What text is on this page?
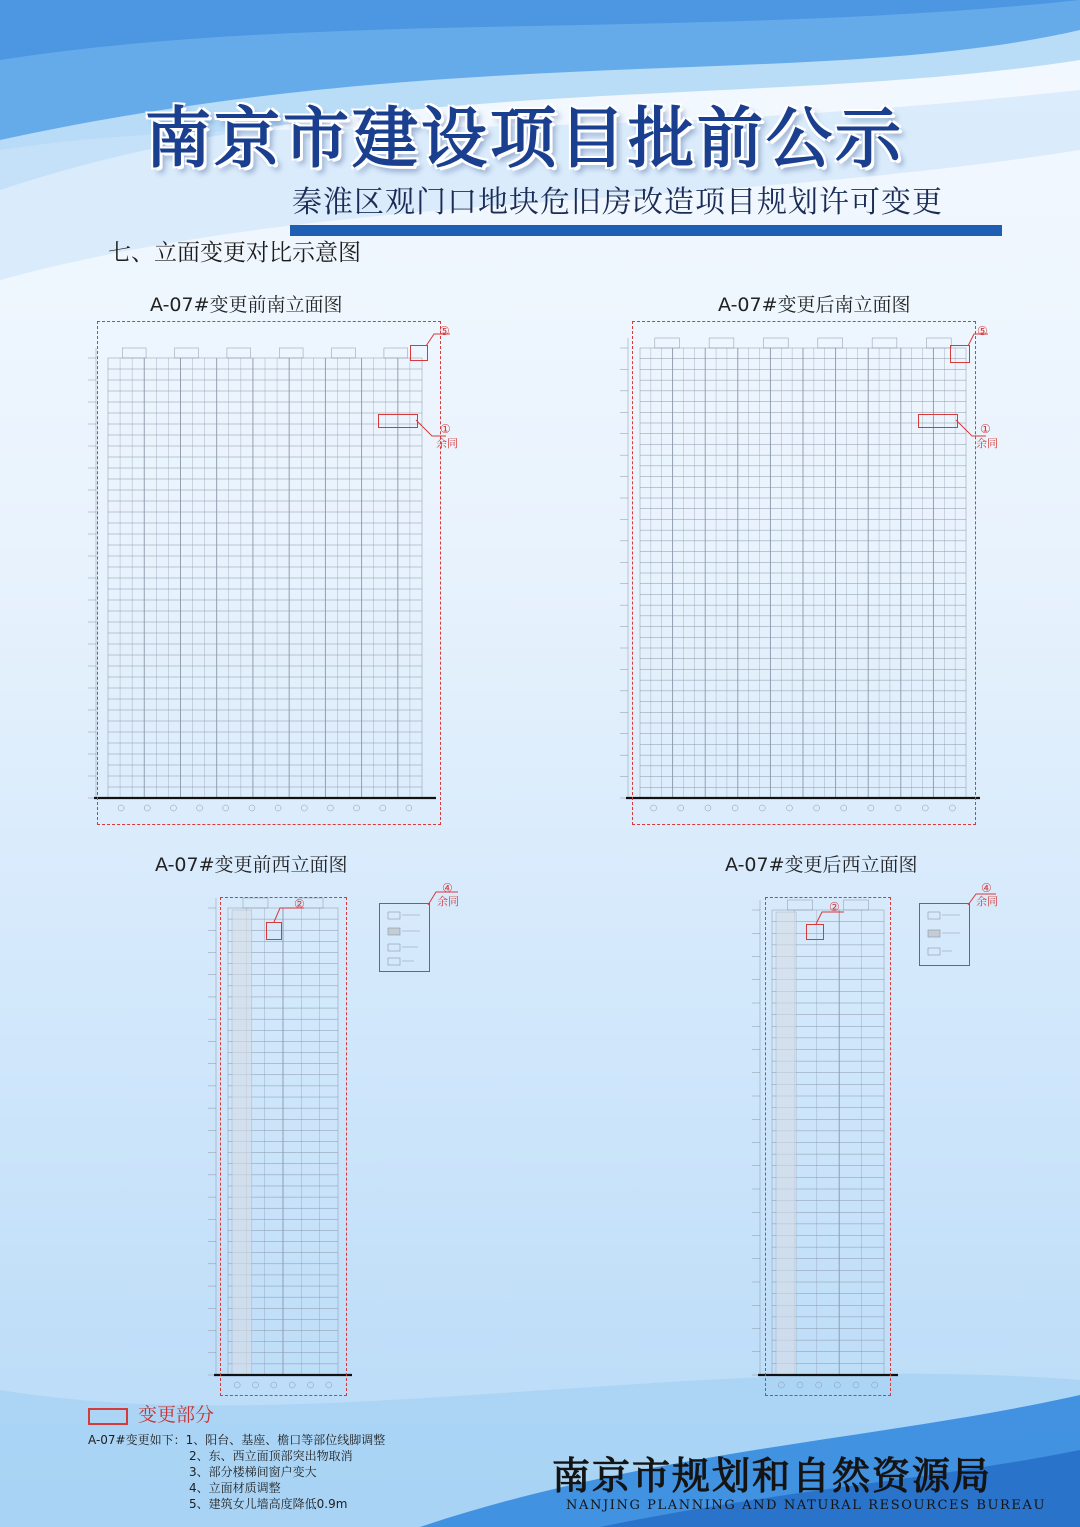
南京市建设项目批前公示
秦淮区观门口地块危旧房改造项目规划许可变更
七、立面变更对比示意图
A-07#变更前南立面图
⑤
①
余同
A-07#变更后南立面图
⑤
①
余同
A-07#变更前西立面图
②
④
余同
A-07#变更后西立面图
②
④
余同
变更部分
A-07#变更如下：1、阳台、基座、檐口等部位线脚调整
2、东、西立面顶部突出物取消
3、部分楼梯间窗户变大
4、立面材质调整
5、建筑女儿墙高度降低0.9m
南京市规划和自然资源局
NANJING PLANNING AND NATURAL RESOURCES BUREAU
